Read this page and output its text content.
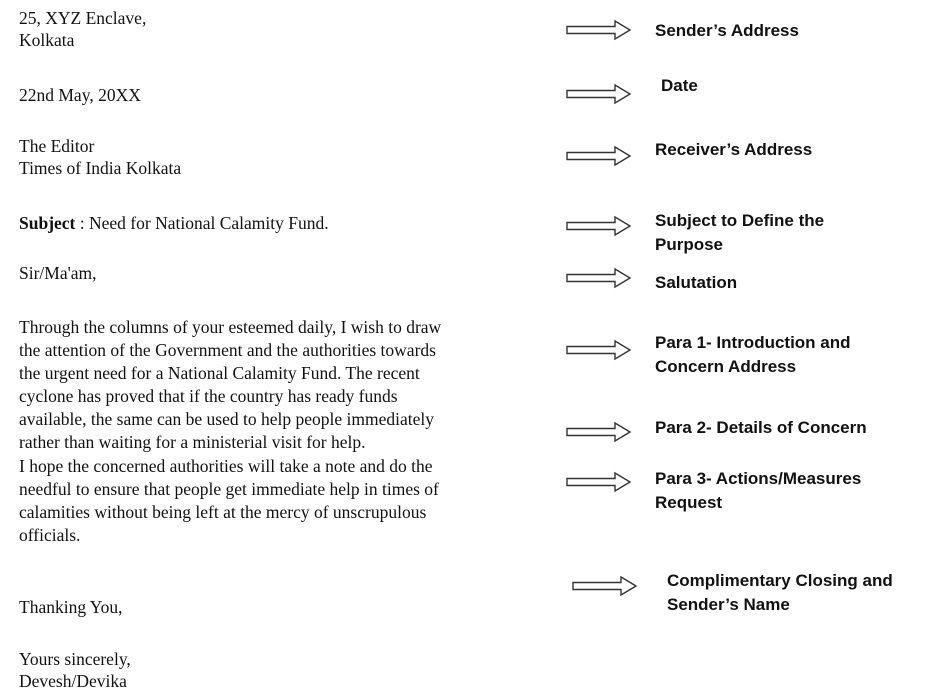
25, XYZ Enclave,
Kolkata
22nd May, 20XX
The Editor
Times of India Kolkata
Subject : Need for National Calamity Fund.
Sir/Ma'am,
Through the columns of your esteemed daily, I wish to draw
the attention of the Government and the authorities towards
the urgent need for a National Calamity Fund. The recent
cyclone has proved that if the country has ready funds
available, the same can be used to help people immediately
rather than waiting for a ministerial visit for help.
I hope the concerned authorities will take a note and do the
needful to ensure that people get immediate help in times of
calamities without being left at the mercy of unscrupulous
officials.
Thanking You,
Yours sincerely,
Devesh/Devika
Sender’s Address
Date
Receiver’s Address
Subject to Define the
Purpose
Salutation
Para 1- Introduction and
Concern Address
Para 2- Details of Concern
Para 3- Actions/Measures
Request
Complimentary Closing and
Sender’s Name
